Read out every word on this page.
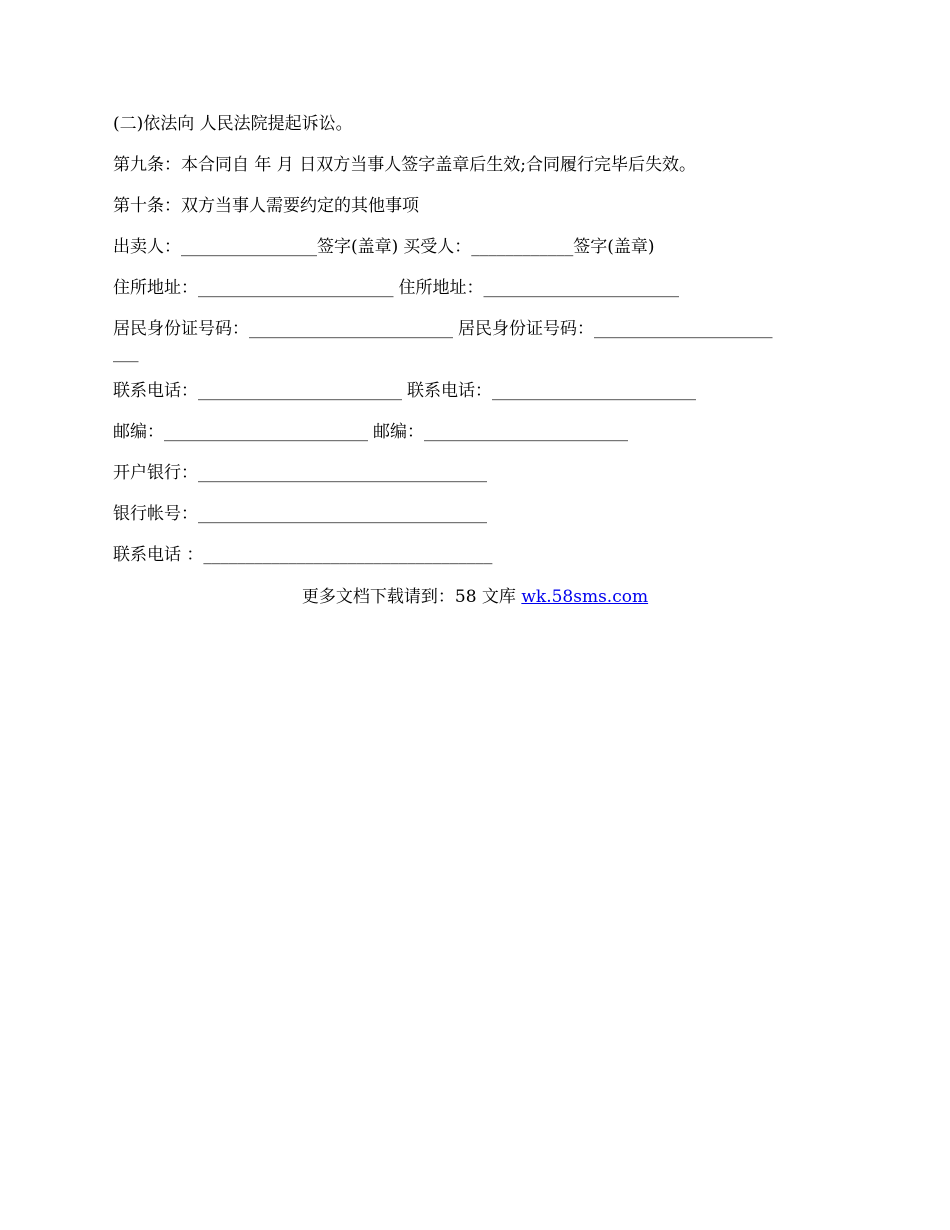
(二)依法向 人民法院提起诉讼。
第九条：本合同自 年 月 日双方当事人签字盖章后生效;合同履行完毕后失效。
第十条：双方当事人需要约定的其他事项
出卖人：________________签字(盖章) 买受人：____________签字(盖章)
住所地址：_______________________ 住所地址：_______________________
居民身份证号码：________________________ 居民身份证号码：_____________________
___
联系电话：________________________ 联系电话：________________________
邮编：________________________ 邮编：________________________
开户银行：__________________________________
银行帐号：__________________________________
联系电话 ：__________________________________
更多文档下载请到：58 文库 wk.58sms.com
